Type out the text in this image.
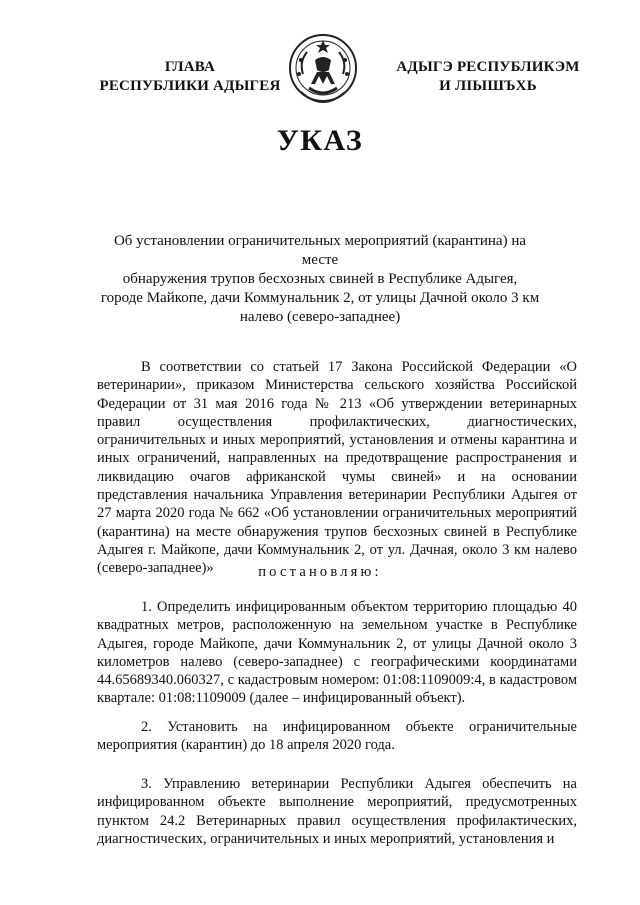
ГЛАВА
РЕСПУБЛИКИ АДЫГЕЯ
АДЫГЭ РЕСПУБЛИКЭМ
И ЛІЫШЪХЬ
УКАЗ
Об установлении ограничительных мероприятий (карантина) на месте
обнаружения трупов бесхозных свиней в Республике Адыгея,
городе Майкопе, дачи Коммунальник 2, от улицы Дачной около 3 км
налево (северо-западнее)
В соответствии со статьей 17 Закона Российской Федерации «О ветеринарии», приказом Министерства сельского хозяйства Российской Федерации от 31 мая 2016 года № 213 «Об утверждении ветеринарных правил осуществления профилактических, диагностических, ограничительных и иных мероприятий, установления и отмены карантина и иных ограничений, направленных на предотвращение распространения и ликвидацию очагов африканской чумы свиней» и на основании представления начальника Управления ветеринарии Республики Адыгея от 27 марта 2020 года № 662 «Об установлении ограничительных мероприятий (карантина) на месте обнаружения трупов бесхозных свиней в Республике Адыгея г. Майкопе, дачи Коммунальник 2, от ул. Дачная, около 3 км налево (северо-западнее)»	постановляю:
1. Определить инфицированным объектом территорию площадью 40 квадратных метров, расположенную на земельном участке в Республике Адыгея, городе Майкопе, дачи Коммунальник 2, от улицы Дачной около 3 километров налево (северо-западнее) с географическими координатами 44.65689340.060327, с кадастровым номером: 01:08:1109009:4, в кадастровом квартале: 01:08:1109009 (далее – инфицированный объект).
2. Установить на инфицированном объекте ограничительные мероприятия (карантин) до 18 апреля 2020 года.
3. Управлению ветеринарии Республики Адыгея обеспечить на инфицированном объекте выполнение мероприятий, предусмотренных пунктом 24.2 Ветеринарных правил осуществления профилактических, диагностических, ограничительных и иных мероприятий, установления и
